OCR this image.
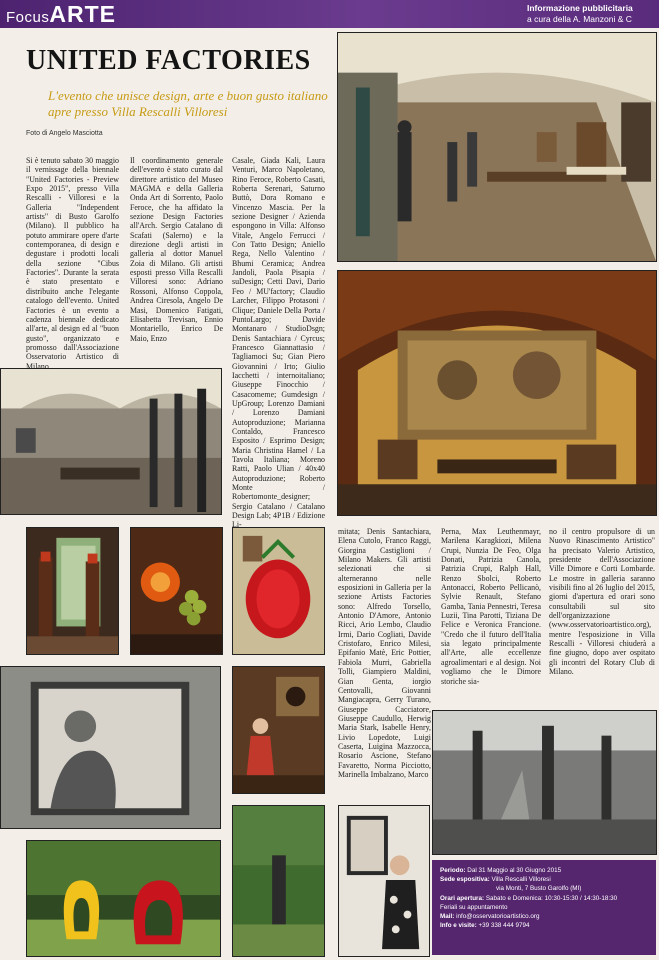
FocusARTE	Informazione pubblicitaria
a cura della A. Manzoni & C
UNITED FACTORIES
L'evento che unisce design, arte e buon gusto italiano apre presso Villa Rescalli Villoresi
Foto di Angelo Masciotta

Si è tenuto sabato 30 maggio il vernissage della biennale "United Factories - Preview Expo 2015", presso Villa Rescalli - Villoresi e la Galleria "Independent artists" di Busto Garolfo (Milano). Il pubblico ha potuto ammirare opere d'arte contemporanea, di design e degustare i prodotti locali della sezione "Cibus Factories". Durante la serata è stato presentato e distribuito anche l'elegante catalogo dell'evento. United Factories è un evento a cadenza biennale dedicato all'arte, al design ed al "buon gusto", organizzato e promosso dall'Associazione Osservatorio Artistico di Milano.

Il coordinamento generale dell'evento è stato curato dal direttore artistico del Museo MAGMA e della Galleria Onda Art di Sorrento, Paolo Feroce, che ha affidato la sezione Design Factories all'Arch. Sergio Catalano di Scafati (Salerno) e la direzione degli artisti in galleria al dottor Manuel Zoia di Milano. Gli artisti esposti presso Villa Rescalli Villoresi sono: Adriano Rossoni, Alfonso Coppola, Andrea Ciresola, Angelo De Masi, Domenico Fatigati, Elisabetta Trevisan, Ennio Montariello, Enrico De Maio, Enzo

Casale, Giada Kali, Laura Venturi, Marco Napoletano, Rino Feroce, Roberto Casati, Roberta Serenari, Saturno Buttò, Dora Romano e Vincenzo Mascia. Per la sezione Designer / Azienda espongono in Villa: Alfonso Vitale, Angelo Ferrucci / Con Tatto Design; Aniello Rega, Nello Valentino / Bhumi Ceramica; Andrea Jandoli, Paola Pisapia / suDesign; Cetti Davi, Dario Feo / MU'factory; Claudio Larcher, Filippo Protasoni / Clique; Daniele Della Porta / PuntoLargo; Davide Montanaro / StudioDsgn; Denis Santachiara / Cyrcus; Francesco Giannattasio / Tagliamoci Su; Gian Piero Giovannini / Irto; Giulio Iacchetti / internoitaliano; Giuseppe Finocchio / Casacomeme; Gumdesign / UpGroup; Lorenzo Damiani / Lorenzo Damiani Autoproduzione; Marianna Contaldo, Francesco Esposito / Esprimo Design; Maria Christina Hamel / La Tavola Italiana; Moreno Ratti, Paolo Ulian / 40x40 Autoproduzione; Roberto Monte / Robertomonte_designer; Sergio Catalano / Catalano Design Lab; 4P1B / Edizione Li-

mitata; Denis Santachiara, Elena Cutolo, Franco Raggi, Giorgina Castiglioni / Milano Makers. Gli artisti selezionati che si alterneranno nelle esposizioni in Galleria per la sezione Artists Factories sono: Alfredo Torsello, Antonio D'Amore, Antonio Ricci, Ario Lembo, Claudio Irmi, Dario Cogliati, Davide Cristofaro, Enrico Milesi, Epifanio Matè, Eric Pottier, Fabiola Murri, Gabriella Tolli, Giampiero Maldini, Gian Genta, iorgio Centovalli, Giovanni Mangiacapra, Gerry Turano, Giuseppe Cacciatore, Giuseppe Caudullo, Herwig Maria Stark, Isabelle Henry, Livio Lopedote, Luigi Caserta, Luigina Mazzocca, Rosario Ascione, Stefano Favaretto, Norma Picciotto, Marinella Imbalzano, Marco

Perna, Max Leuthenmayr, Marilena Karagkiozi, Milena Crupi, Nunzia De Feo, Olga Donati, Patrizia Canola, Patrizia Crupi, Ralph Hall, Renzo Sbolci, Roberto Antonacci, Roberto Pellicanò, Sylvie Renault, Stefano Gamba, Tania Pennestri, Teresa Luzii, Tina Parotti, Tiziana De Felice e Veronica Francione. "Credo che il futuro dell'Italia sia legato principalmente all'Arte, alle eccellenze agroalimentari e al design. Noi vogliamo che le Dimore storiche sia-

no il centro propulsore di un Nuovo Rinascimento Artistico" ha precisato Valerio Artistico, presidente dell'Associazione Ville Dimore e Corti Lombarde. Le mostre in galleria saranno visibili fino al 26 luglio del 2015, giorni d'apertura ed orari sono consultabili sul sito dell'organizzazione (www.osservatorioartistico.org), mentre l'esposizione in Villa Rescalli - Villoresi chiuderà a fine giugno, dopo aver ospitato gli incontri del Rotary Club di Milano.

Periodo: Dal 31 Maggio al 30 Giugno 2015
Sede espositiva: Villa Rescalli Villoresi
via Monti, 7 Busto Garolfo (MI)
Orari apertura: Sabato e Domenica: 10:30-15:30 / 14:30-18:30
Feriali su appuntamento
Mail: info@osservatorioartistico.org
Info e visite: +39 338 444 9794
